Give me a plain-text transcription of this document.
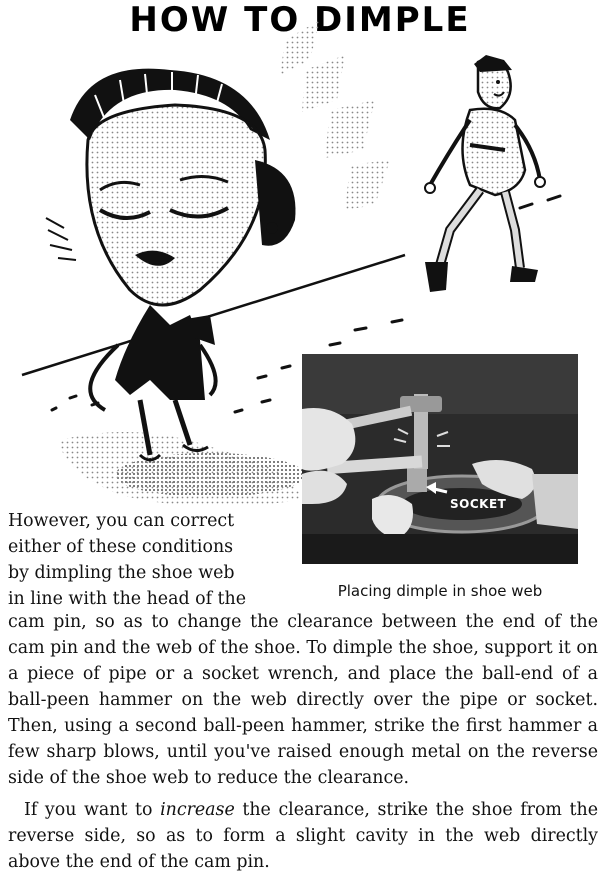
HOW TO DIMPLE
SOCKET
Placing dimple in shoe web
However, you can correct
either of these conditions
by dimpling the shoe web
in line with the head of the

cam pin, so as to change the clearance between the end of the cam pin and the web of the shoe. To dimple the shoe, support it on a piece of pipe or a socket wrench, and place the ball-end of a ball-peen hammer on the web directly over the pipe or socket. Then, using a second ball-peen hammer, strike the first hammer a few sharp blows, until you've raised enough metal on the reverse side of the shoe web to reduce the clearance.

If you want to increase the clearance, strike the shoe from the reverse side, so as to form a slight cavity in the web directly above the end of the cam pin.
